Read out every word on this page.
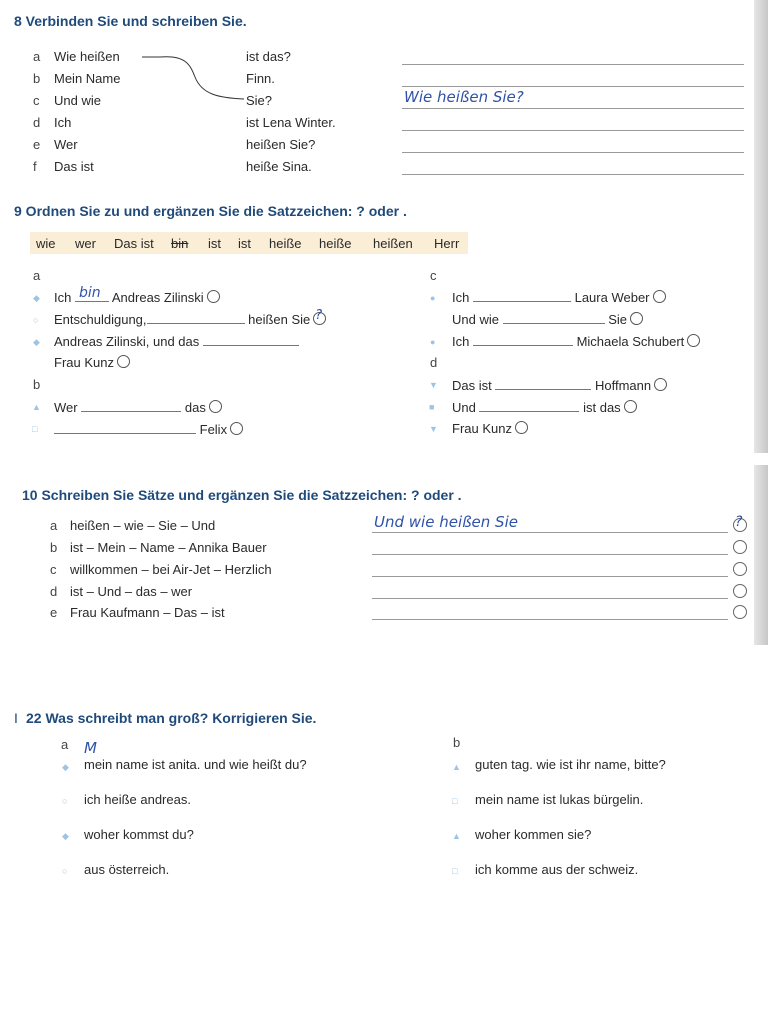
8 Verbinden Sie und schreiben Sie.
a Wie heißen	ist das?
b Mein Name	Finn.
c Und wie	Sie?	Wie heißen Sie?
d Ich	ist Lena Winter.
e Wer	heißen Sie?
f Das ist	heiße Sina.
9 Ordnen Sie zu und ergänzen Sie die Satzzeichen: ? oder .
wie wer Das ist bin ist ist heiße heiße heißen Herr
a
◆ Ich bin Andreas Zilinski
○ Entschuldigung,	heißen Sie ?
◆ Andreas Zilinski, und das
Frau Kunz
b
▲ Wer	das
□	Felix
c
● Ich	Laura Weber
Und wie	Sie
● Ich	Michaela Schubert
d
▼ Das ist	Hoffmann
■ Und	ist das
▼ Frau Kunz
10 Schreiben Sie Sätze und ergänzen Sie die Satzzeichen: ? oder .
a heißen – wie – Sie – Und	Und wie heißen Sie	?
b ist – Mein – Name – Annika Bauer
c willkommen – bei Air-Jet – Herzlich
d ist – Und – das – wer
e Frau Kaufmann – Das – ist
I 22 Was schreibt man groß? Korrigieren Sie.
a	b
M
◆ mein name ist anita. und wie heißt du?
○ ich heiße andreas.
◆ woher kommst du?
○ aus österreich.
▲ guten tag. wie ist ihr name, bitte?
□ mein name ist lukas bürgelin.
▲ woher kommen sie?
□ ich komme aus der schweiz.
